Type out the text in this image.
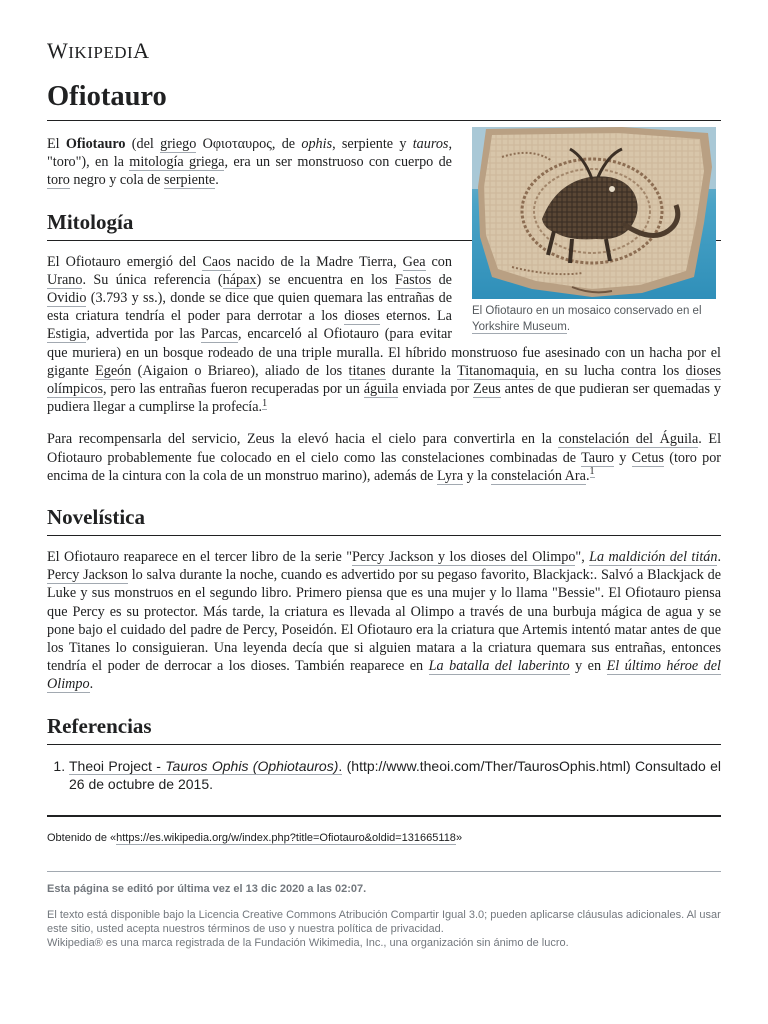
WIKIPEDIA
Ofiotauro
El Ofiotauro en un mosaico conservado en el Yorkshire Museum.

El Ofiotauro (del griego Οφιοταυρος, de ophis, serpiente y tauros, "toro"), en la mitología griega, era un ser monstruoso con cuerpo de toro negro y cola de serpiente.

Mitología

El Ofiotauro emergió del Caos nacido de la Madre Tierra, Gea con Urano. Su única referencia (hápax) se encuentra en los Fastos de Ovidio (3.793 y ss.), donde se dice que quien quemara las entrañas de esta criatura tendría el poder para derrotar a los dioses eternos. La Estigia, advertida por las Parcas, encarceló al Ofiotauro (para evitar que muriera) en un bosque rodeado de una triple muralla. El híbrido monstruoso fue asesinado con un hacha por el gigante Egeón (Aigaion o Briareo), aliado de los titanes durante la Titanomaquia, en su lucha contra los dioses olímpicos, pero las entrañas fueron recuperadas por un águila enviada por Zeus antes de que pudieran ser quemadas y pudiera llegar a cumplirse la profecía.$^1$

Para recompensarla del servicio, Zeus la elevó hacia el cielo para convertirla en la constelación del Águila. El Ofiotauro probablemente fue colocado en el cielo como las constelaciones combinadas de Tauro y Cetus (toro por encima de la cintura con la cola de un monstruo marino), además de Lyra y la constelación Ara.$^1$

Novelística

El Ofiotauro reaparece en el tercer libro de la serie "Percy Jackson y los dioses del Olimpo", La maldición del titán. Percy Jackson lo salva durante la noche, cuando es advertido por su pegaso favorito, Blackjack:. Salvó a Blackjack de Luke y sus monstruos en el segundo libro. Primero piensa que es una mujer y lo llama "Bessie". El Ofiotauro piensa que Percy es su protector. Más tarde, la criatura es llevada al Olimpo a través de una burbuja mágica de agua y se pone bajo el cuidado del padre de Percy, Poseidón. El Ofiotauro era la criatura que Artemis intentó matar antes de que los Titanes lo consiguieran. Una leyenda decía que si alguien matara a la criatura quemara sus entrañas, entonces tendría el poder de derrocar a los dioses. También reaparece en La batalla del laberinto y en El último héroe del Olimpo.

Referencias
1. Theoi Project - Tauros Ophis (Ophiotauros). (http://www.theoi.com/Ther/TaurosOphis.html) Consultado el 26 de octubre de 2015.
Obtenido de «https://es.wikipedia.org/w/index.php?title=Ofiotauro&oldid=131665118»
Esta página se editó por última vez el 13 dic 2020 a las 02:07.
El texto está disponible bajo la Licencia Creative Commons Atribución Compartir Igual 3.0; pueden aplicarse cláusulas adicionales. Al usar este sitio, usted acepta nuestros términos de uso y nuestra política de privacidad.
Wikipedia® es una marca registrada de la Fundación Wikimedia, Inc., una organización sin ánimo de lucro.
